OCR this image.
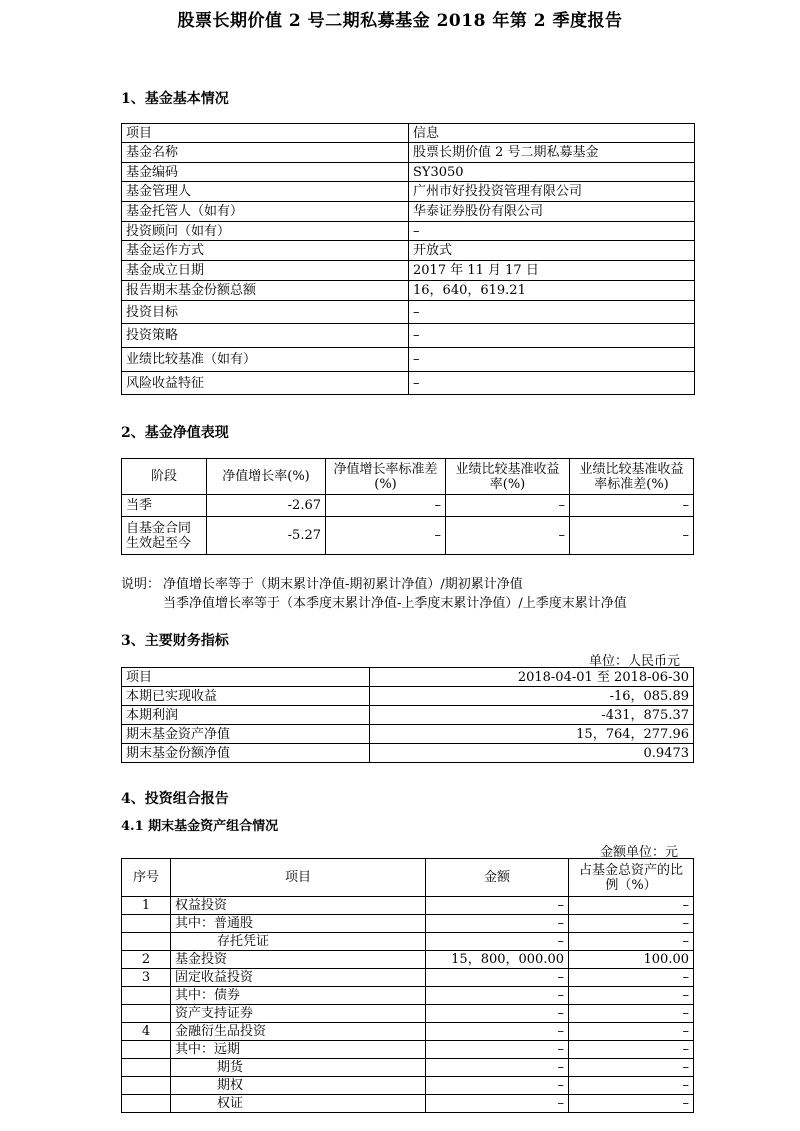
股票长期价值 2 号二期私募基金 2018 年第 2 季度报告
1、基金基本情况
项目	信息
基金名称	股票长期价值 2 号二期私募基金
基金编码	SY3050
基金管理人	广州市好投投资管理有限公司
基金托管人（如有）	华泰证券股份有限公司
投资顾问（如有）	–
基金运作方式	开放式
基金成立日期	2017 年 11 月 17 日
报告期末基金份额总额	16，640，619.21
投资目标	–
投资策略	–
业绩比较基准（如有）	–
风险收益特征	–
2、基金净值表现
阶段	净值增长率(%)	净值增长率标准差(%)	业绩比较基准收益率(%)	业绩比较基准收益率标准差(%)
当季	-2.67	–	–	–
自基金合同生效起至今	-5.27	–	–	–
说明： 净值增长率等于（期末累计净值-期初累计净值）/期初累计净值
当季净值增长率等于（本季度末累计净值-上季度末累计净值）/上季度末累计净值
3、主要财务指标
单位：人民币元
项目	2018-04-01 至 2018-06-30
本期已实现收益	-16，085.89
本期利润	-431，875.37
期末基金资产净值	15，764，277.96
期末基金份额净值	0.9473
4、投资组合报告
4.1 期末基金资产组合情况
金额单位：元
序号	项目	金额	占基金总资产的比例（%）
1	权益投资	–	–
	其中：普通股	–	–
	存托凭证	–	–
2	基金投资	15，800，000.00	100.00
3	固定收益投资	–	–
	其中：债券	–	–
	资产支持证券	–	–
4	金融衍生品投资	–	–
	其中：远期	–	–
	期货	–	–
	期权	–	–
	权证	–	–
